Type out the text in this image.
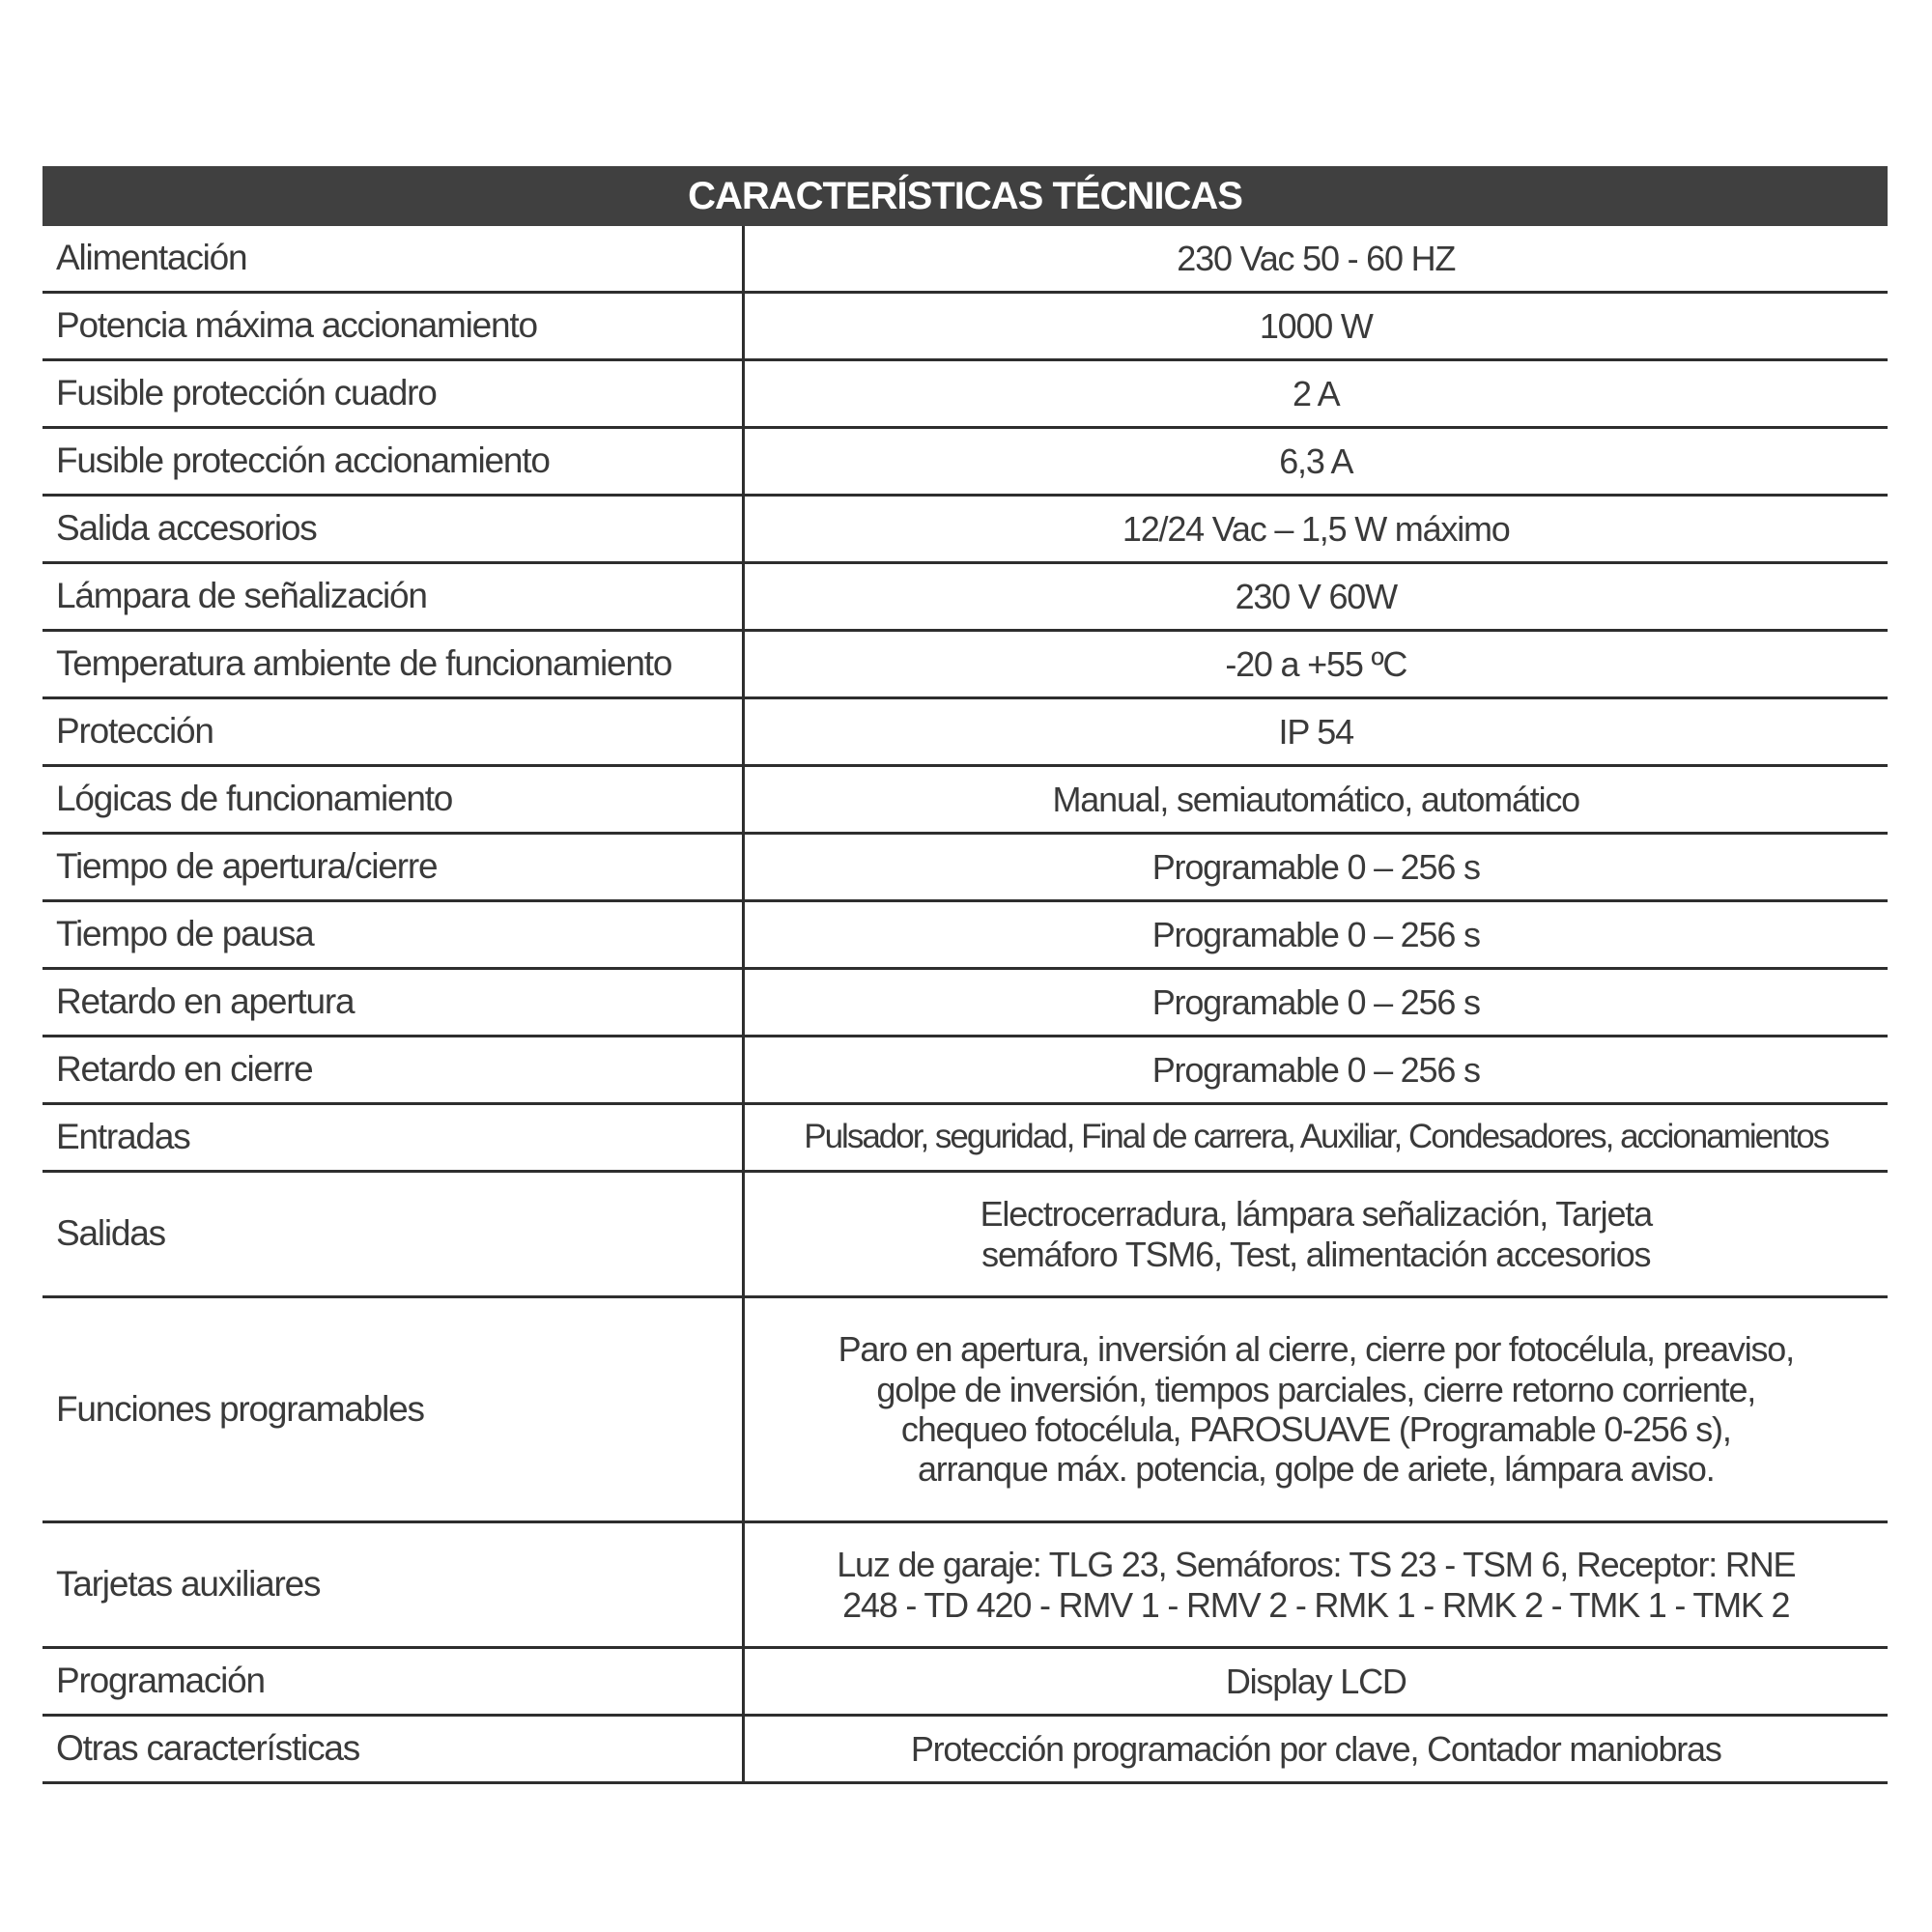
CARACTERÍSTICAS TÉCNICAS	
Alimentación	230 Vac 50 - 60 HZ
Potencia máxima accionamiento	1000 W
Fusible protección cuadro	2 A
Fusible protección accionamiento	6,3 A
Salida accesorios	12/24 Vac – 1,5 W máximo
Lámpara de señalización	230 V 60W
Temperatura ambiente de funcionamiento	-20 a +55 ºC
Protección	IP 54
Lógicas de funcionamiento	Manual, semiautomático, automático
Tiempo de apertura/cierre	Programable 0 – 256 s
Tiempo de pausa	Programable 0 – 256 s
Retardo en apertura	Programable 0 – 256 s
Retardo en cierre	Programable 0 – 256 s
Entradas	Pulsador, seguridad, Final de carrera, Auxiliar, Condesadores, accionamientos
Salidas	Electrocerradura, lámpara señalización, Tarjeta
semáforo TSM6, Test, alimentación accesorios
Funciones programables	Paro en apertura, inversión al cierre, cierre por fotocélula, preaviso,
golpe de inversión, tiempos parciales, cierre retorno corriente,
chequeo fotocélula, PAROSUAVE (Programable 0-256 s),
arranque máx. potencia, golpe de ariete, lámpara aviso.
Tarjetas auxiliares	Luz de garaje: TLG 23, Semáforos: TS 23 - TSM 6, Receptor: RNE
248 - TD 420 - RMV 1 - RMV 2 - RMK 1 - RMK 2 - TMK 1 - TMK 2
Programación	Display LCD
Otras características	Protección programación por clave, Contador maniobras
